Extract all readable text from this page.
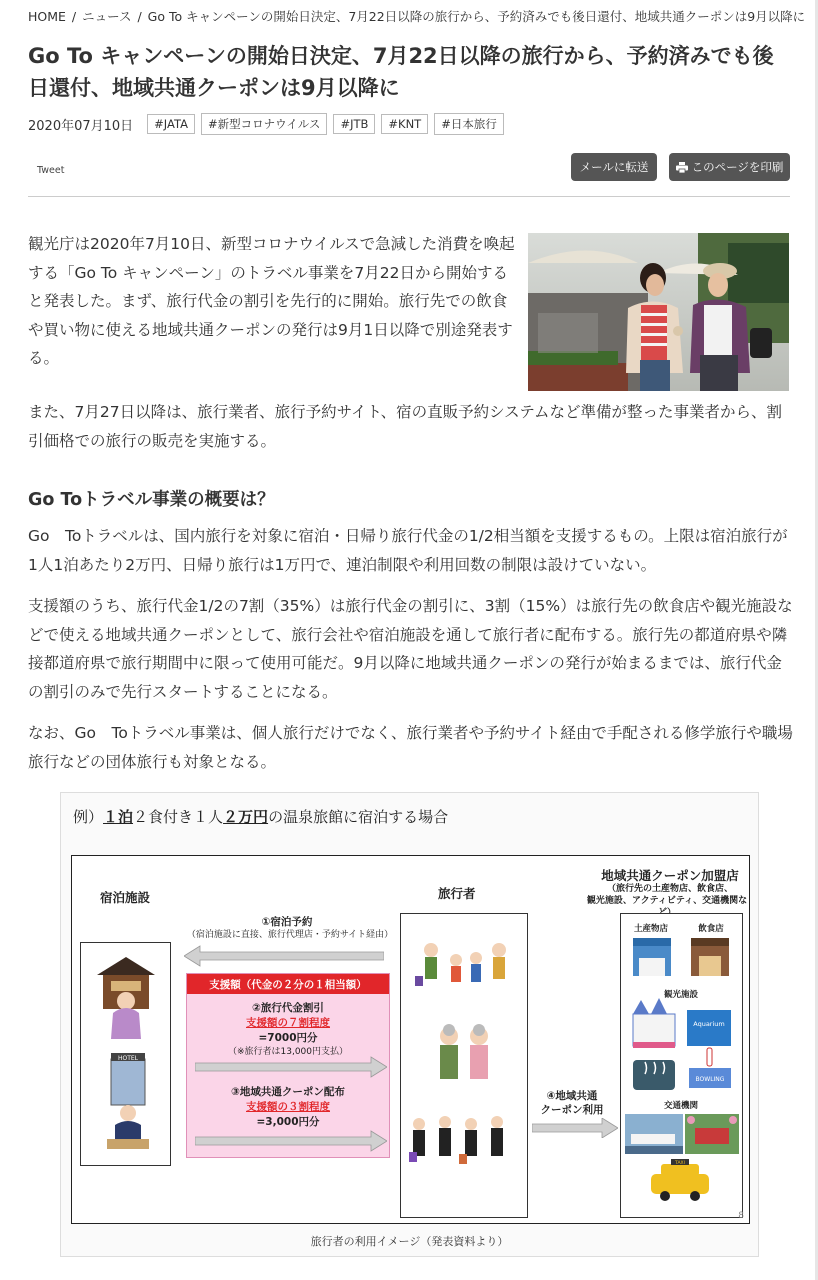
HOME / ニュース / Go To キャンペーンの開始日決定、7月22日以降の旅行から、予約済みでも後日還付、地域共通クーポンは9月以降に
Go To キャンペーンの開始日決定、7月22日以降の旅行から、予約済みでも後日還付、地域共通クーポンは9月以降に
2020年07月10日	#JATA	#新型コロナウイルス	#JTB	#KNT	#日本旅行
Tweet	メールに転送	このページを印刷

観光庁は2020年7月10日、新型コロナウイルスで急減した消費を喚起する「Go To キャンペーン」のトラベル事業を7月22日から開始すると発表した。まず、旅行代金の割引を先行的に開始。旅行先での飲食や買い物に使える地域共通クーポンの発行は9月1日以降で別途発表する。

また、7月27日以降は、旅行業者、旅行予約サイト、宿の直販予約システムなど準備が整った事業者から、割引価格での旅行の販売を実施する。

Go Toトラベル事業の概要は？

Go　Toトラベルは、国内旅行を対象に宿泊・日帰り旅行代金の1/2相当額を支援するもの。上限は宿泊旅行が1人1泊あたり2万円、日帰り旅行は1万円で、連泊制限や利用回数の制限は設けていない。

支援額のうち、旅行代金1/2の7割（35%）は旅行代金の割引に、3割（15%）は旅行先の飲食店や観光施設などで使える地域共通クーポンとして、旅行会社や宿泊施設を通して旅行者に配布する。旅行先の都道府県や隣接都道府県で旅行期間中に限って使用可能だ。9月以降に地域共通クーポンの発行が始まるまでは、旅行代金の割引のみで先行スタートすることになる。

なお、Go　Toトラベル事業は、個人旅行だけでなく、旅行業者や予約サイト経由で手配される修学旅行や職場旅行などの団体旅行も対象となる。

例）１泊２食付き１人２万円の温泉旅館に宿泊する場合
宿泊施設	旅行者
地域共通クーポン加盟店
（旅行先の土産物店、飲食店、
観光施設、アクティビティ、交通機関な
HOTEL
土産物店	飲食店
観光施設
交通機関
Aquarium
BOWLING
TAXI
①宿泊予約
（宿泊施設に直接、旅行代理店・予約サイト経由）
支援額（代金の２分の１相当額）
②旅行代金割引
支援額の７割程度
=7000円分
（※旅行者は13,000円支払）
③地域共通クーポン配布
支援額の３割程度
=3,000円分
④地域共通
クーポン利用
8
旅行者の利用イメージ（発表資料より）
